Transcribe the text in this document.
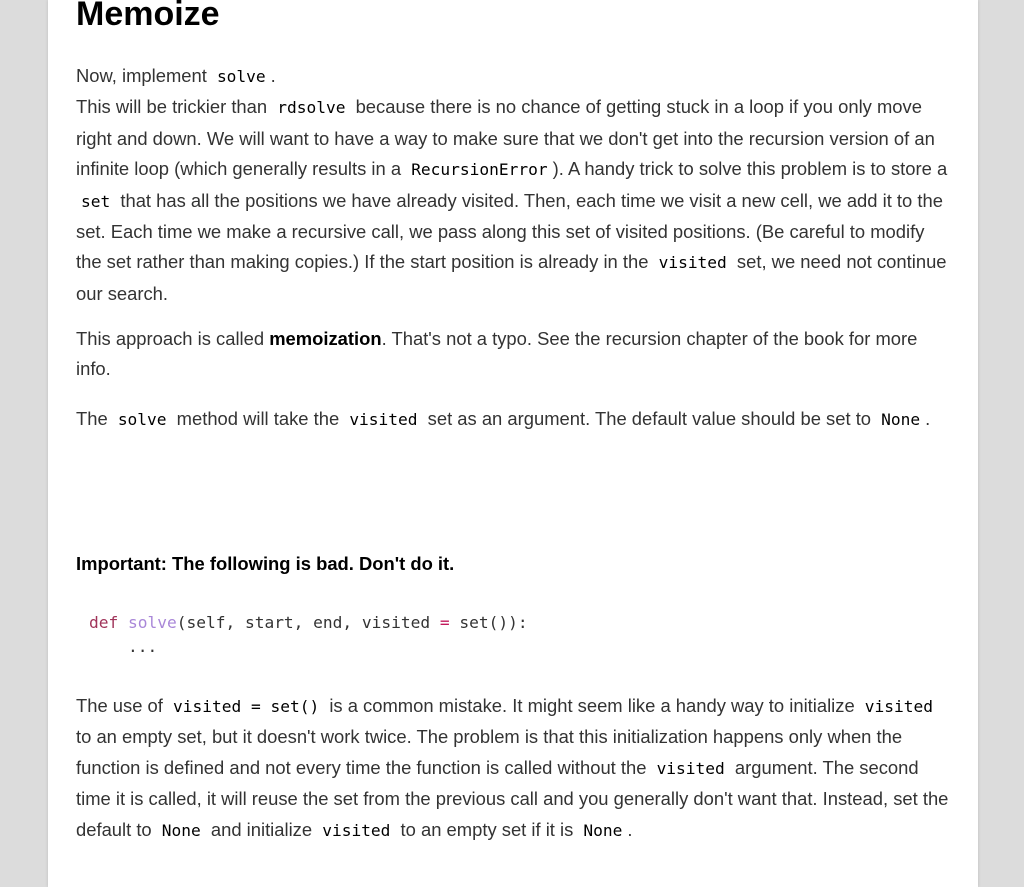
Memoize

Now, implement solve .
This will be trickier than rdsolve because there is no chance of getting stuck in a loop if you only move right and down. We will want to have a way to make sure that we don't get into the recursion version of an infinite loop (which generally results in a RecursionError ). A handy trick to solve this problem is to store a set that has all the positions we have already visited. Then, each time we visit a new cell, we add it to the set. Each time we make a recursive call, we pass along this set of visited positions. (Be careful to modify the set rather than making copies.) If the start position is already in the visited set, we need not continue our search.

This approach is called memoization. That's not a typo. See the recursion chapter of the book for more info.

The solve method will take the visited set as an argument. The default value should be set to None .

Important: The following is bad. Don't do it.

def solve(self, start, end, visited = set()):
...

The use of visited = set() is a common mistake. It might seem like a handy way to initialize visited to an empty set, but it doesn't work twice. The problem is that this initialization happens only when the function is defined and not every time the function is called without the visited argument. The second time it is called, it will reuse the set from the previous call and you generally don't want that. Instead, set the default to None and initialize visited to an empty set if it is None .
